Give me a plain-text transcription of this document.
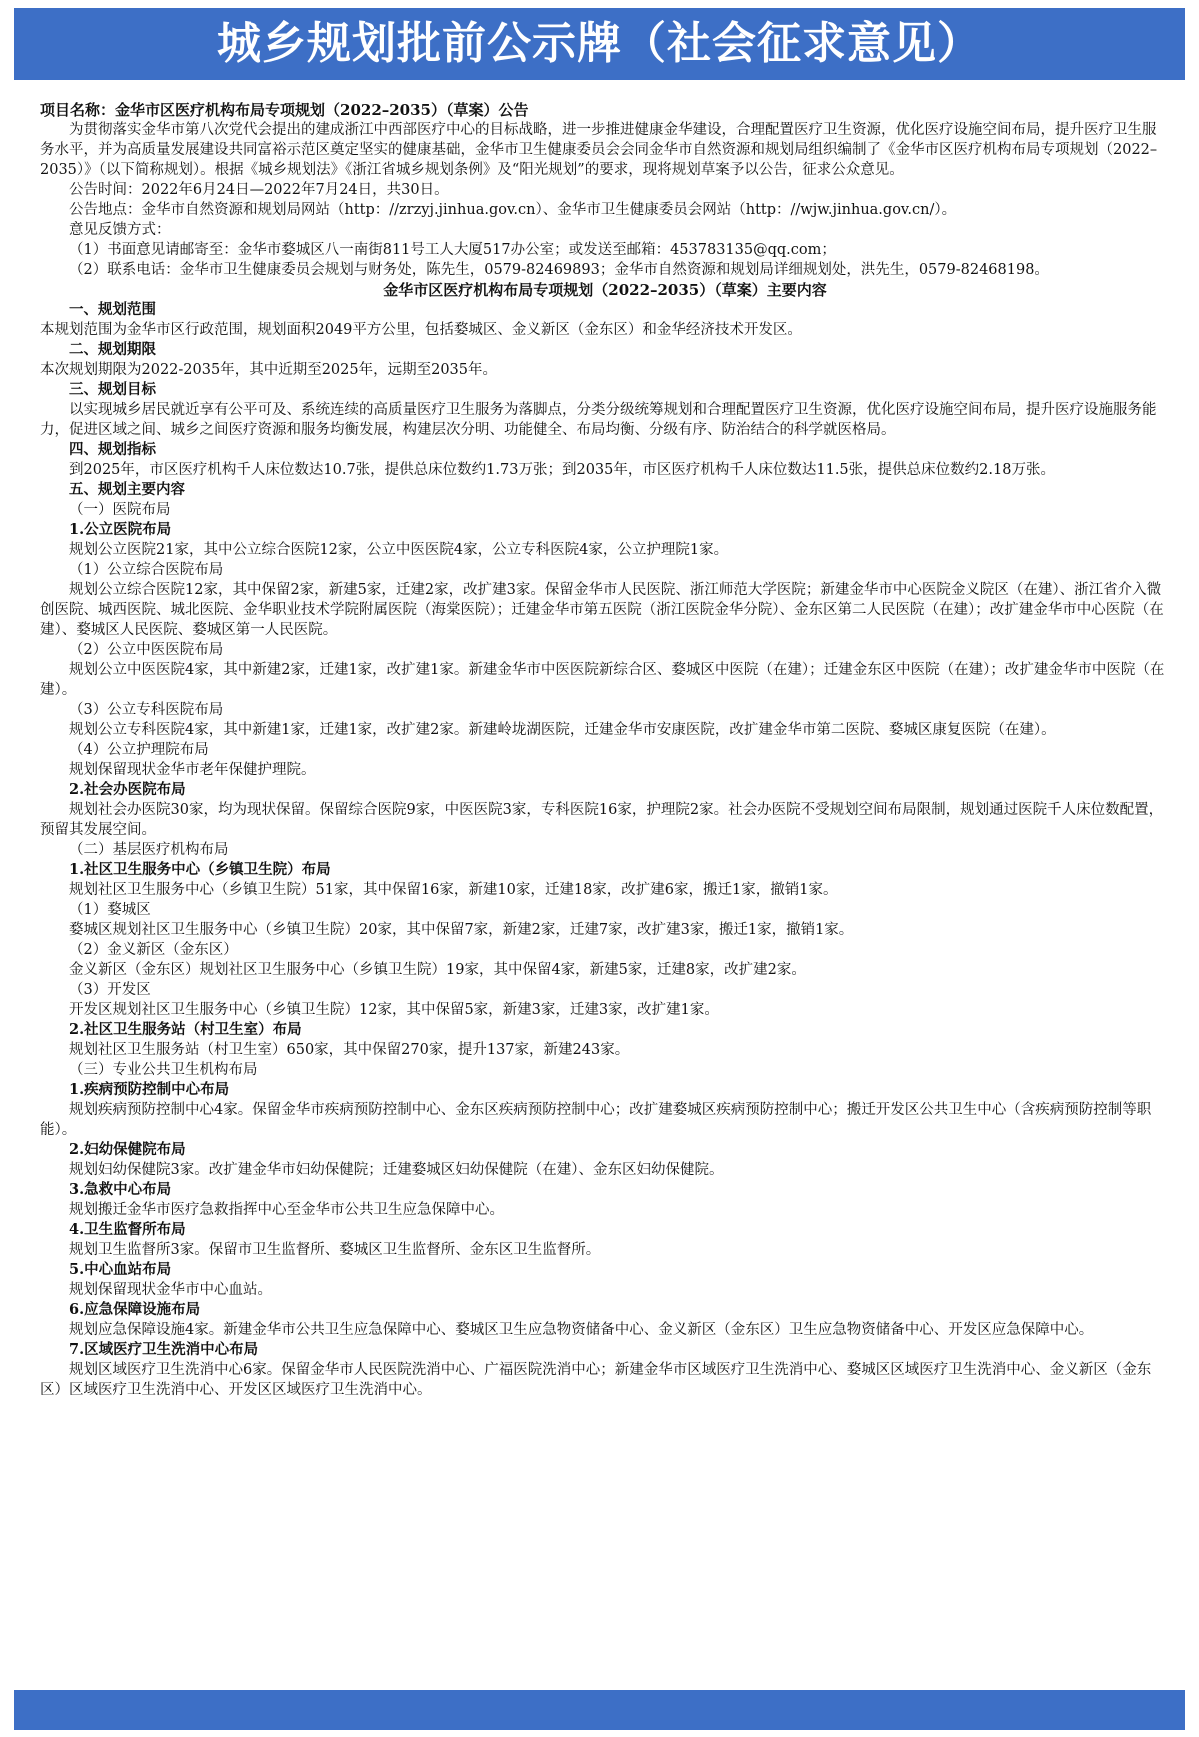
城乡规划批前公示牌（社会征求意见）

项目名称：金华市区医疗机构布局专项规划（2022–2035）（草案）公告

为贯彻落实金华市第八次党代会提出的建成浙江中西部医疗中心的目标战略，进一步推进健康金华建设，合理配置医疗卫生资源，优化医疗设施空间布局，提升医疗卫生服务水平，并为高质量发展建设共同富裕示范区奠定坚实的健康基础，金华市卫生健康委员会会同金华市自然资源和规划局组织编制了《金华市区医疗机构布局专项规划（2022–2035）》（以下简称规划）。根据《城乡规划法》《浙江省城乡规划条例》及“阳光规划”的要求，现将规划草案予以公告，征求公众意见。

公告时间：2022年6月24日—2022年7月24日，共30日。

公告地点：金华市自然资源和规划局网站（http：//zrzyj.jinhua.gov.cn）、金华市卫生健康委员会网站（http：//wjw.jinhua.gov.cn/）。

意见反馈方式：

（1）书面意见请邮寄至：金华市婺城区八一南街811号工人大厦517办公室；或发送至邮箱：453783135@qq.com；

（2）联系电话：金华市卫生健康委员会规划与财务处，陈先生，0579-82469893；金华市自然资源和规划局详细规划处，洪先生，0579-82468198。

金华市区医疗机构布局专项规划（2022–2035）（草案）主要内容

一、规划范围

本规划范围为金华市区行政范围，规划面积2049平方公里，包括婺城区、金义新区（金东区）和金华经济技术开发区。

二、规划期限

本次规划期限为2022-2035年，其中近期至2025年，远期至2035年。

三、规划目标

以实现城乡居民就近享有公平可及、系统连续的高质量医疗卫生服务为落脚点，分类分级统筹规划和合理配置医疗卫生资源，优化医疗设施空间布局，提升医疗设施服务能力，促进区域之间、城乡之间医疗资源和服务均衡发展，构建层次分明、功能健全、布局均衡、分级有序、防治结合的科学就医格局。

四、规划指标

到2025年，市区医疗机构千人床位数达10.7张，提供总床位数约1.73万张；到2035年，市区医疗机构千人床位数达11.5张，提供总床位数约2.18万张。

五、规划主要内容

（一）医院布局

1.公立医院布局

规划公立医院21家，其中公立综合医院12家，公立中医医院4家，公立专科医院4家，公立护理院1家。

（1）公立综合医院布局

规划公立综合医院12家，其中保留2家，新建5家，迁建2家，改扩建3家。保留金华市人民医院、浙江师范大学医院；新建金华市中心医院金义院区（在建）、浙江省介入微创医院、城西医院、城北医院、金华职业技术学院附属医院（海棠医院）；迁建金华市第五医院（浙江医院金华分院）、金东区第二人民医院（在建）；改扩建金华市中心医院（在建）、婺城区人民医院、婺城区第一人民医院。

（2）公立中医医院布局

规划公立中医医院4家，其中新建2家，迁建1家，改扩建1家。新建金华市中医医院新综合区、婺城区中医院（在建）；迁建金东区中医院（在建）；改扩建金华市中医院（在建）。

（3）公立专科医院布局

规划公立专科医院4家，其中新建1家，迁建1家，改扩建2家。新建岭垅湖医院，迁建金华市安康医院，改扩建金华市第二医院、婺城区康复医院（在建）。

（4）公立护理院布局

规划保留现状金华市老年保健护理院。

2.社会办医院布局

规划社会办医院30家，均为现状保留。保留综合医院9家，中医医院3家，专科医院16家，护理院2家。社会办医院不受规划空间布局限制，规划通过医院千人床位数配置，预留其发展空间。

（二）基层医疗机构布局

1.社区卫生服务中心（乡镇卫生院）布局

规划社区卫生服务中心（乡镇卫生院）51家，其中保留16家，新建10家，迁建18家，改扩建6家，搬迁1家，撤销1家。

（1）婺城区

婺城区规划社区卫生服务中心（乡镇卫生院）20家，其中保留7家，新建2家，迁建7家，改扩建3家，搬迁1家，撤销1家。

（2）金义新区（金东区）

金义新区（金东区）规划社区卫生服务中心（乡镇卫生院）19家，其中保留4家，新建5家，迁建8家，改扩建2家。

（3）开发区

开发区规划社区卫生服务中心（乡镇卫生院）12家，其中保留5家，新建3家，迁建3家，改扩建1家。

2.社区卫生服务站（村卫生室）布局

规划社区卫生服务站（村卫生室）650家，其中保留270家，提升137家，新建243家。

（三）专业公共卫生机构布局

1.疾病预防控制中心布局

规划疾病预防控制中心4家。保留金华市疾病预防控制中心、金东区疾病预防控制中心；改扩建婺城区疾病预防控制中心；搬迁开发区公共卫生中心（含疾病预防控制等职能）。

2.妇幼保健院布局

规划妇幼保健院3家。改扩建金华市妇幼保健院；迁建婺城区妇幼保健院（在建）、金东区妇幼保健院。

3.急救中心布局

规划搬迁金华市医疗急救指挥中心至金华市公共卫生应急保障中心。

4.卫生监督所布局

规划卫生监督所3家。保留市卫生监督所、婺城区卫生监督所、金东区卫生监督所。

5.中心血站布局

规划保留现状金华市中心血站。

6.应急保障设施布局

规划应急保障设施4家。新建金华市公共卫生应急保障中心、婺城区卫生应急物资储备中心、金义新区（金东区）卫生应急物资储备中心、开发区应急保障中心。

7.区域医疗卫生洗消中心布局

规划区域医疗卫生洗消中心6家。保留金华市人民医院洗消中心、广福医院洗消中心；新建金华市区域医疗卫生洗消中心、婺城区区域医疗卫生洗消中心、金义新区（金东区）区域医疗卫生洗消中心、开发区区域医疗卫生洗消中心。
